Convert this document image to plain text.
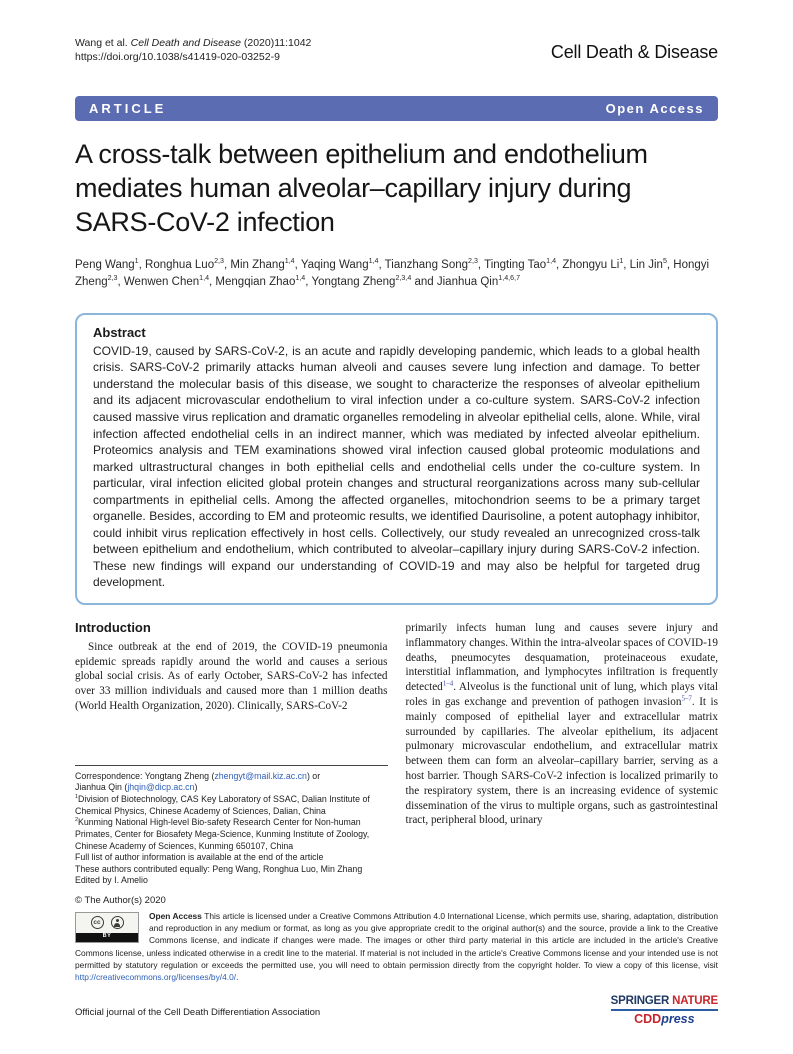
Wang et al. Cell Death and Disease (2020)11:1042
https://doi.org/10.1038/s41419-020-03252-9	Cell Death & Disease
ARTICLE	Open Access
A cross-talk between epithelium and endothelium mediates human alveolar–capillary injury during SARS-CoV-2 infection

Peng Wang$^1$, Ronghua Luo$^{2,3}$, Min Zhang$^{1,4}$, Yaqing Wang$^{1,4}$, Tianzhang Song$^{2,3}$, Tingting Tao$^{1,4}$, Zhongyu Li$^1$, Lin Jin$^5$, Hongyi Zheng$^{2,3}$, Wenwen Chen$^{1,4}$, Mengqian Zhao$^{1,4}$, Yongtang Zheng$^{2,3,4}$ and Jianhua Qin$^{1,4,6,7}$

Abstract

COVID-19, caused by SARS-CoV-2, is an acute and rapidly developing pandemic, which leads to a global health crisis. SARS-CoV-2 primarily attacks human alveoli and causes severe lung infection and damage. To better understand the molecular basis of this disease, we sought to characterize the responses of alveolar epithelium and its adjacent microvascular endothelium to viral infection under a co-culture system. SARS-CoV-2 infection caused massive virus replication and dramatic organelles remodeling in alveolar epithelial cells, alone. While, viral infection affected endothelial cells in an indirect manner, which was mediated by infected alveolar epithelium. Proteomics analysis and TEM examinations showed viral infection caused global proteomic modulations and marked ultrastructural changes in both epithelial cells and endothelial cells under the co-culture system. In particular, viral infection elicited global protein changes and structural reorganizations across many sub-cellular compartments in epithelial cells. Among the affected organelles, mitochondrion seems to be a primary target organelle. Besides, according to EM and proteomic results, we identified Daurisoline, a potent autophagy inhibitor, could inhibit virus replication effectively in host cells. Collectively, our study revealed an unrecognized cross-talk between epithelium and endothelium, which contributed to alveolar–capillary injury during SARS-CoV-2 infection. These new findings will expand our understanding of COVID-19 and may also be helpful for targeted drug development.

Introduction

Since outbreak at the end of 2019, the COVID-19 pneumonia epidemic spreads rapidly around the world and causes a serious global social crisis. As of early October, SARS-CoV-2 has infected over 33 million individuals and caused more than 1 million deaths (World Health Organization, 2020). Clinically, SARS-CoV-2

Correspondence: Yongtang Zheng (zhengyt@mail.kiz.ac.cn) or
Jianhua Qin (jhqin@dicp.ac.cn)
$^1$Division of Biotechnology, CAS Key Laboratory of SSAC, Dalian Institute of Chemical Physics, Chinese Academy of Sciences, Dalian, China
$^2$Kunming National High-level Bio-safety Research Center for Non-human Primates, Center for Biosafety Mega-Science, Kunming Institute of Zoology, Chinese Academy of Sciences, Kunming 650107, China
Full list of author information is available at the end of the article
These authors contributed equally: Peng Wang, Ronghua Luo, Min Zhang
Edited by I. Amelio

primarily infects human lung and causes severe injury and inflammatory changes. Within the intra-alveolar spaces of COVID-19 deaths, pneumocytes desquamation, proteinaceous exudate, interstitial inflammation, and lymphocytes infiltration is frequently detected$^{1-4}$. Alveolus is the functional unit of lung, which plays vital roles in gas exchange and prevention of pathogen invasion$^{5-7}$. It is mainly composed of epithelial layer and extracellular matrix surrounded by capillaries. The alveolar epithelium, its adjacent pulmonary microvascular endothelium, and extracellular matrix between them can form an alveolar–capillary barrier, serving as a host barrier. Though SARS-CoV-2 infection is localized primarily to the respiratory system, there is an increasing evidence of systemic dissemination of the virus to multiple organs, such as gastrointestinal tract, peripheral blood, urinary

© The Author(s) 2020
cc
BY
Open Access This article is licensed under a Creative Commons Attribution 4.0 International License, which permits use, sharing, adaptation, distribution and reproduction in any medium or format, as long as you give appropriate credit to the original author(s) and the source, provide a link to the Creative Commons license, and indicate if changes were made. The images or other third party material in this article are included in the article's Creative Commons license, unless indicated otherwise in a credit line to the material. If material is not included in the article's Creative Commons license and your intended use is not permitted by statutory regulation or exceeds the permitted use, you will need to obtain permission directly from the copyright holder. To view a copy of this license, visit http://creativecommons.org/licenses/by/4.0/.
Official journal of the Cell Death Differentiation Association
SPRINGER NATURE
CDDpress
